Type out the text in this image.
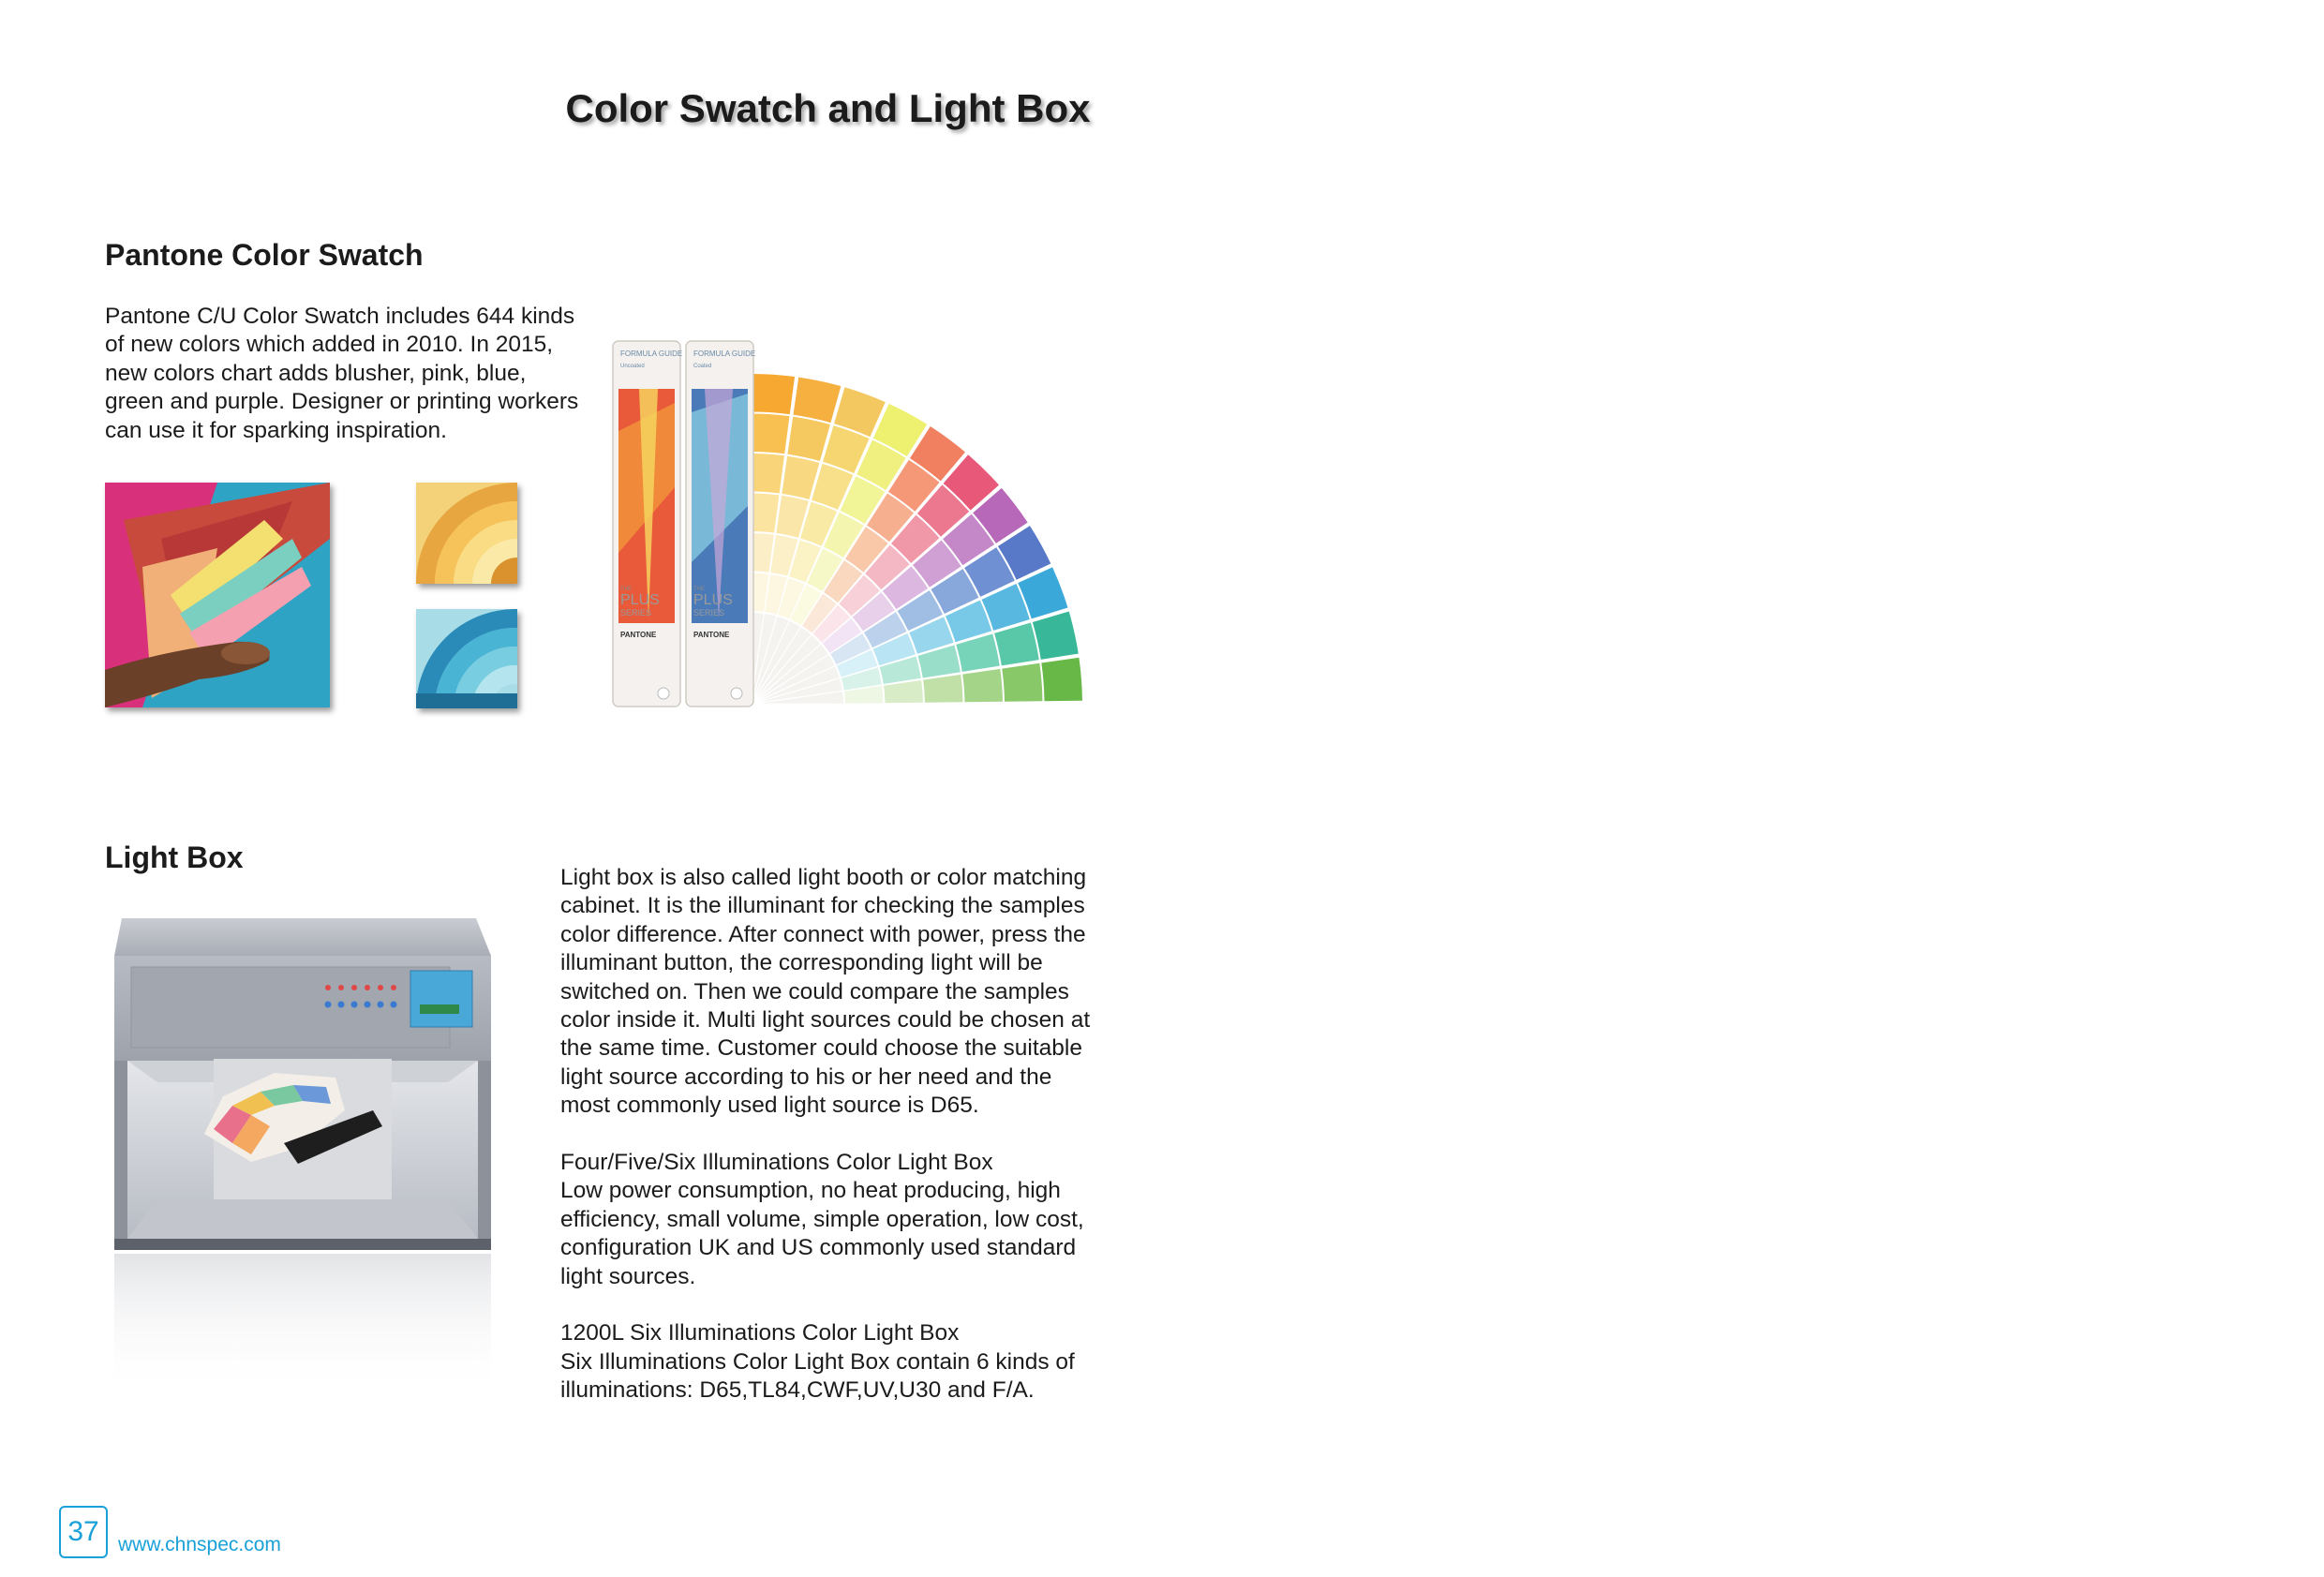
Color Swatch and Light Box
Pantone Color Swatch
Pantone C/U Color Swatch includes 644 kinds
of new colors which added in 2010. In 2015,
new colors chart adds blusher, pink, blue,
green and purple. Designer or printing workers
can use it for sparking inspiration.
FORMULA GUIDE
Uncoated
THE
PLUS
SERIES
PANTONE
FORMULA GUIDE
Coated
THE
PLUS
SERIES
PANTONE
Light Box
Light box is also called light booth or color matching
cabinet. It is the illuminant for checking the samples
color difference. After connect with power, press the
illuminant button, the corresponding light will be
switched on. Then we could compare the samples
color inside it. Multi light sources could be chosen at
the same time. Customer could choose the suitable
light source according to his or her need and the
most commonly used light source is D65.
Four/Five/Six Illuminations Color Light Box
Low power consumption, no heat producing, high
efficiency, small volume, simple operation, low cost,
configuration UK and US commonly used standard
light sources.
1200L Six Illuminations Color Light Box
Six Illuminations Color Light Box contain 6 kinds of
illuminations: D65,TL84,CWF,UV,U30 and F/A.
37 www.chnspec.com
